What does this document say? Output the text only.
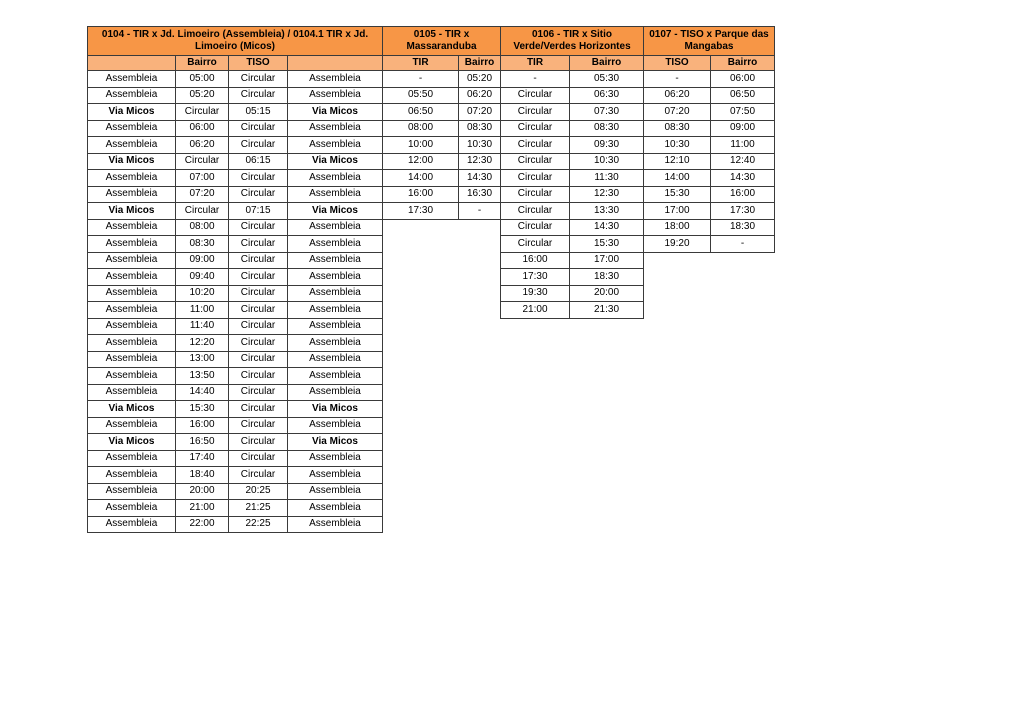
0104 - TIR x Jd. Limoeiro (Assembleia) / 0104.1 TIR x Jd. Limoeiro (Micos)			
	Bairro	TISO	
Assembleia	05:00	Circular	Assembleia
Assembleia	05:20	Circular	Assembleia
Via Micos	Circular	05:15	Via Micos
Assembleia	06:00	Circular	Assembleia
Assembleia	06:20	Circular	Assembleia
Via Micos	Circular	06:15	Via Micos
Assembleia	07:00	Circular	Assembleia
Assembleia	07:20	Circular	Assembleia
Via Micos	Circular	07:15	Via Micos
Assembleia	08:00	Circular	Assembleia
Assembleia	08:30	Circular	Assembleia
Assembleia	09:00	Circular	Assembleia
Assembleia	09:40	Circular	Assembleia
Assembleia	10:20	Circular	Assembleia
Assembleia	11:00	Circular	Assembleia
Assembleia	11:40	Circular	Assembleia
Assembleia	12:20	Circular	Assembleia
Assembleia	13:00	Circular	Assembleia
Assembleia	13:50	Circular	Assembleia
Assembleia	14:40	Circular	Assembleia
Via Micos	15:30	Circular	Via Micos
Assembleia	16:00	Circular	Assembleia
Via Micos	16:50	Circular	Via Micos
Assembleia	17:40	Circular	Assembleia
Assembleia	18:40	Circular	Assembleia
Assembleia	20:00	20:25	Assembleia
Assembleia	21:00	21:25	Assembleia
Assembleia	22:00	22:25	Assembleia
0105 - TIR x Massaranduba	
TIR	Bairro
-	05:20
05:50	06:20
06:50	07:20
08:00	08:30
10:00	10:30
12:00	12:30
14:00	14:30
16:00	16:30
17:30	-
0106 - TIR x Sitio Verde/Verdes Horizontes	
TIR	Bairro
-	05:30
Circular	06:30
Circular	07:30
Circular	08:30
Circular	09:30
Circular	10:30
Circular	11:30
Circular	12:30
Circular	13:30
Circular	14:30
Circular	15:30
16:00	17:00
17:30	18:30
19:30	20:00
21:00	21:30
0107 - TISO x Parque das Mangabas	
TISO	Bairro
-	06:00
06:20	06:50
07:20	07:50
08:30	09:00
10:30	11:00
12:10	12:40
14:00	14:30
15:30	16:00
17:00	17:30
18:00	18:30
19:20	-
